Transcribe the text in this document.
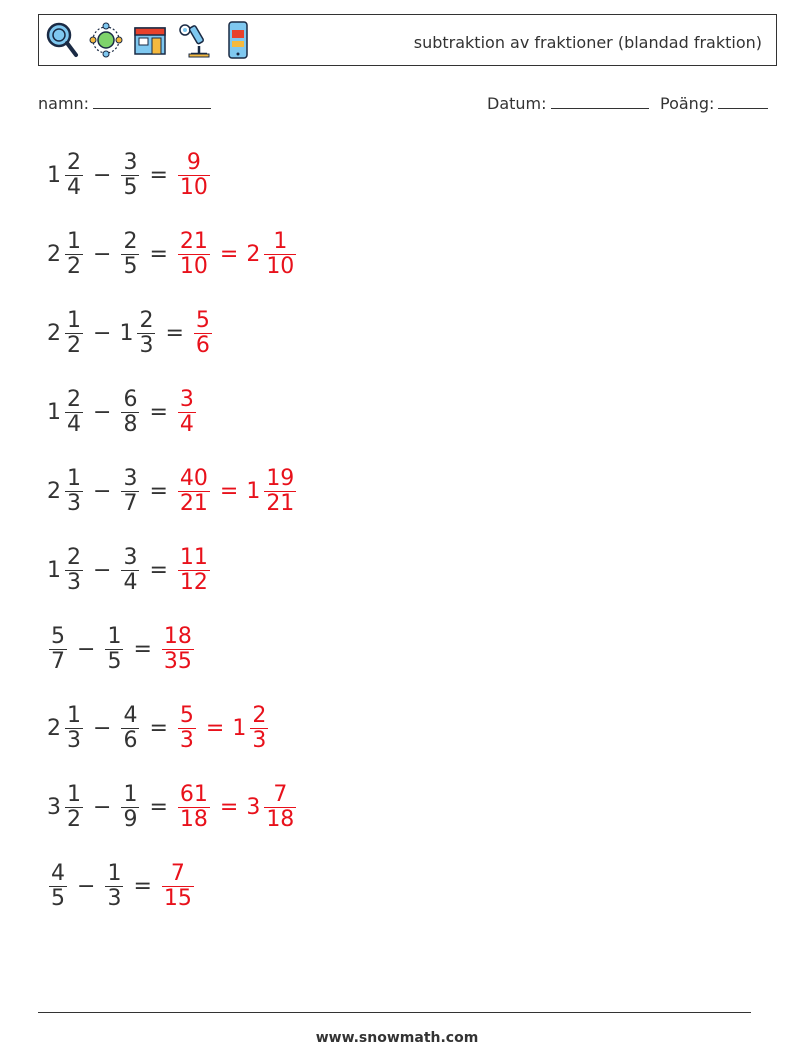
subtraktion av fraktioner (blandad fraktion)
namn:	Datum:	Poäng:
$1 \frac{2}{4} - \frac{3}{5} = \frac{9}{10}$
$2 \frac{1}{2} - \frac{2}{5} = \frac{21}{10} = 2 \frac{1}{10}$
$2 \frac{1}{2} - 1 \frac{2}{3} = \frac{5}{6}$
$1 \frac{2}{4} - \frac{6}{8} = \frac{3}{4}$
$2 \frac{1}{3} - \frac{3}{7} = \frac{40}{21} = 1 \frac{19}{21}$
$1 \frac{2}{3} - \frac{3}{4} = \frac{11}{12}$
$\frac{5}{7} - \frac{1}{5} = \frac{18}{35}$
$2 \frac{1}{3} - \frac{4}{6} = \frac{5}{3} = 1 \frac{2}{3}$
$3 \frac{1}{2} - \frac{1}{9} = \frac{61}{18} = 3 \frac{7}{18}$
$\frac{4}{5} - \frac{1}{3} = \frac{7}{15}$
www.snowmath.com
